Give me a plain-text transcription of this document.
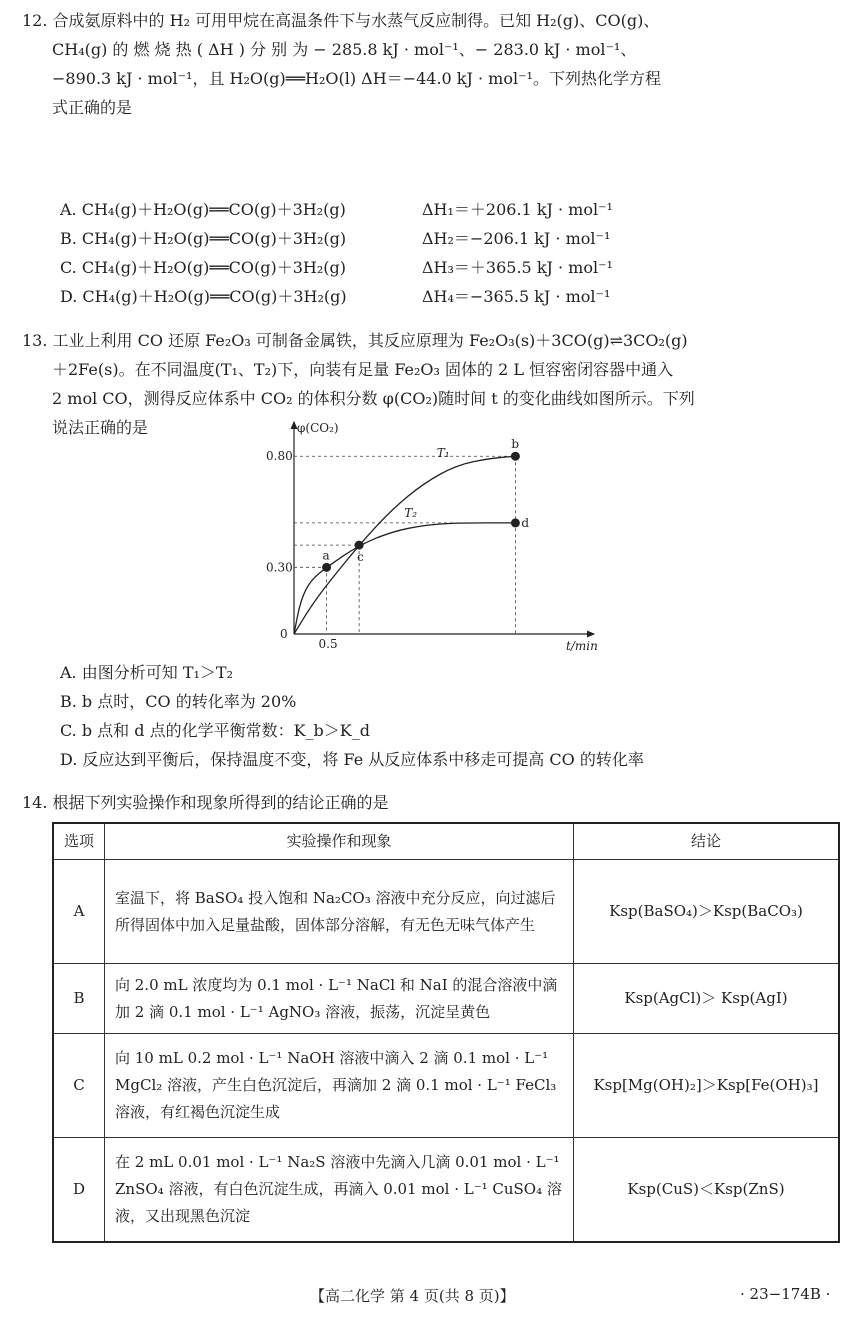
12. 合成氨原料中的 H₂ 可用甲烷在高温条件下与水蒸气反应制得。已知 H₂(g)、CO(g)、

CH₄(g) 的 燃 烧 热 ( ΔH ) 分 别 为 − 285.8 kJ · mol⁻¹、− 283.0 kJ · mol⁻¹、

−890.3 kJ · mol⁻¹，且 H₂O(g)══H₂O(l) ΔH＝−44.0 kJ · mol⁻¹。下列热化学方程

式正确的是

A. CH₄(g)＋H₂O(g)══CO(g)＋3H₂(g)	ΔH₁＝＋206.1 kJ · mol⁻¹
B. CH₄(g)＋H₂O(g)══CO(g)＋3H₂(g)	ΔH₂＝−206.1 kJ · mol⁻¹
C. CH₄(g)＋H₂O(g)══CO(g)＋3H₂(g)	ΔH₃＝＋365.5 kJ · mol⁻¹
D. CH₄(g)＋H₂O(g)══CO(g)＋3H₂(g)	ΔH₄＝−365.5 kJ · mol⁻¹

13. 工业上利用 CO 还原 Fe₂O₃ 可制备金属铁，其反应原理为 Fe₂O₃(s)＋3CO(g)⇌3CO₂(g)

＋2Fe(s)。在不同温度(T₁、T₂)下，向装有足量 Fe₂O₃ 固体的 2 L 恒容密闭容器中通入

2 mol CO，测得反应体系中 CO₂ 的体积分数 φ(CO₂)随时间 t 的变化曲线如图所示。下列

说法正确的是	φ(CO₂)
t/min
0
0.80
0.30
0.5
T₁
T₂
a c
b
d
A. 由图分析可知 T₁＞T₂
B. b 点时，CO 的转化率为 20%
C. b 点和 d 点的化学平衡常数：K_b＞K_d
D. 反应达到平衡后，保持温度不变，将 Fe 从反应体系中移走可提高 CO 的转化率

14. 根据下列实验操作和现象所得到的结论正确的是

选项	实验操作和现象	结论
A	室温下，将 BaSO₄ 投入饱和 Na₂CO₃ 溶液中充分反应，向过滤后所得固体中加入足量盐酸，固体部分溶解，有无色无味气体产生	Ksp(BaSO₄)＞Ksp(BaCO₃)
B	向 2.0 mL 浓度均为 0.1 mol · L⁻¹ NaCl 和 NaI 的混合溶液中滴加 2 滴 0.1 mol · L⁻¹ AgNO₃ 溶液，振荡，沉淀呈黄色	Ksp(AgCl)＞ Ksp(AgI)
C	向 10 mL 0.2 mol · L⁻¹ NaOH 溶液中滴入 2 滴 0.1 mol · L⁻¹ MgCl₂ 溶液，产生白色沉淀后，再滴加 2 滴 0.1 mol · L⁻¹ FeCl₃ 溶液，有红褐色沉淀生成	Ksp[Mg(OH)₂]＞Ksp[Fe(OH)₃]
D	在 2 mL 0.01 mol · L⁻¹ Na₂S 溶液中先滴入几滴 0.01 mol · L⁻¹ ZnSO₄ 溶液，有白色沉淀生成，再滴入 0.01 mol · L⁻¹ CuSO₄ 溶液，又出现黑色沉淀	Ksp(CuS)＜Ksp(ZnS)
【高二化学 第 4 页(共 8 页)】	· 23−174B ·
